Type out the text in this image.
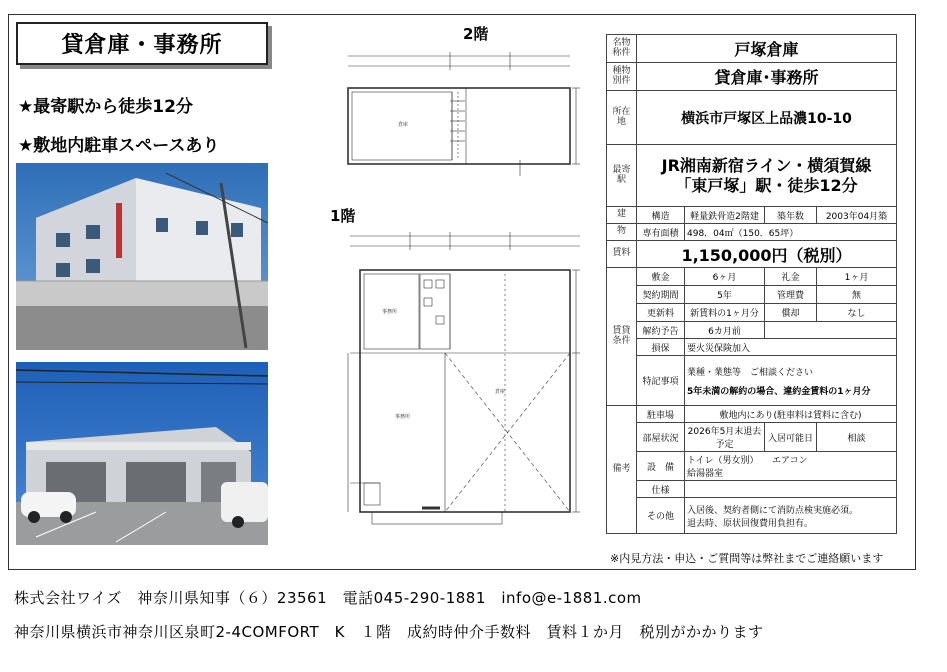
貸倉庫・事務所
★最寄駅から徒歩12分
★敷地内駐車スペースあり
2階
倉庫
1階
事務所
事務所
倉庫
名物称件	戸塚倉庫			
種物別件	貸倉庫･事務所			
所在地	横浜市戸塚区上品濃10-10			
最寄駅	JR湘南新宿ライン・横須賀線
「東戸塚」駅・徒歩12分			

建	構造	軽量鉄骨造2階建	築年数	2003年04月築
物	専有面積	498．04㎡（150．65坪）		
賃料	1,150,000円（税別）			
賃貸条件	敷金	6ヶ月	礼金	1ヶ月
	契約期間	5年	管理費	無
	更新料	新賃料の1ヶ月分	償却	なし
	解約予告	6カ月前		
	損保	要火災保険加入		
	特記事項	業種・業態等　ご相談ください
5年未満の解約の場合、違約金賃料の1ヶ月分		

備考	駐車場	敷地内にあり(駐車料は賃料に含む)		
	部屋状況	2026年5月末退去予定	入居可能日	相談
	設　備	トイレ（男女別）　　エアコン
給湯器室		

	仕様			
	その他	入居後、契約者側にて消防点検実施必須。
退去時、原状回復費用負担有。		
※内見方法・申込・ご質問等は弊社までご連絡願います
株式会社ワイズ　神奈川県知事（６）23561　電話045-290-1881　info@e-1881.com
神奈川県横浜市神奈川区泉町2-4COMFORT　K　１階　成約時仲介手数料　賃料１か月　税別がかかります
